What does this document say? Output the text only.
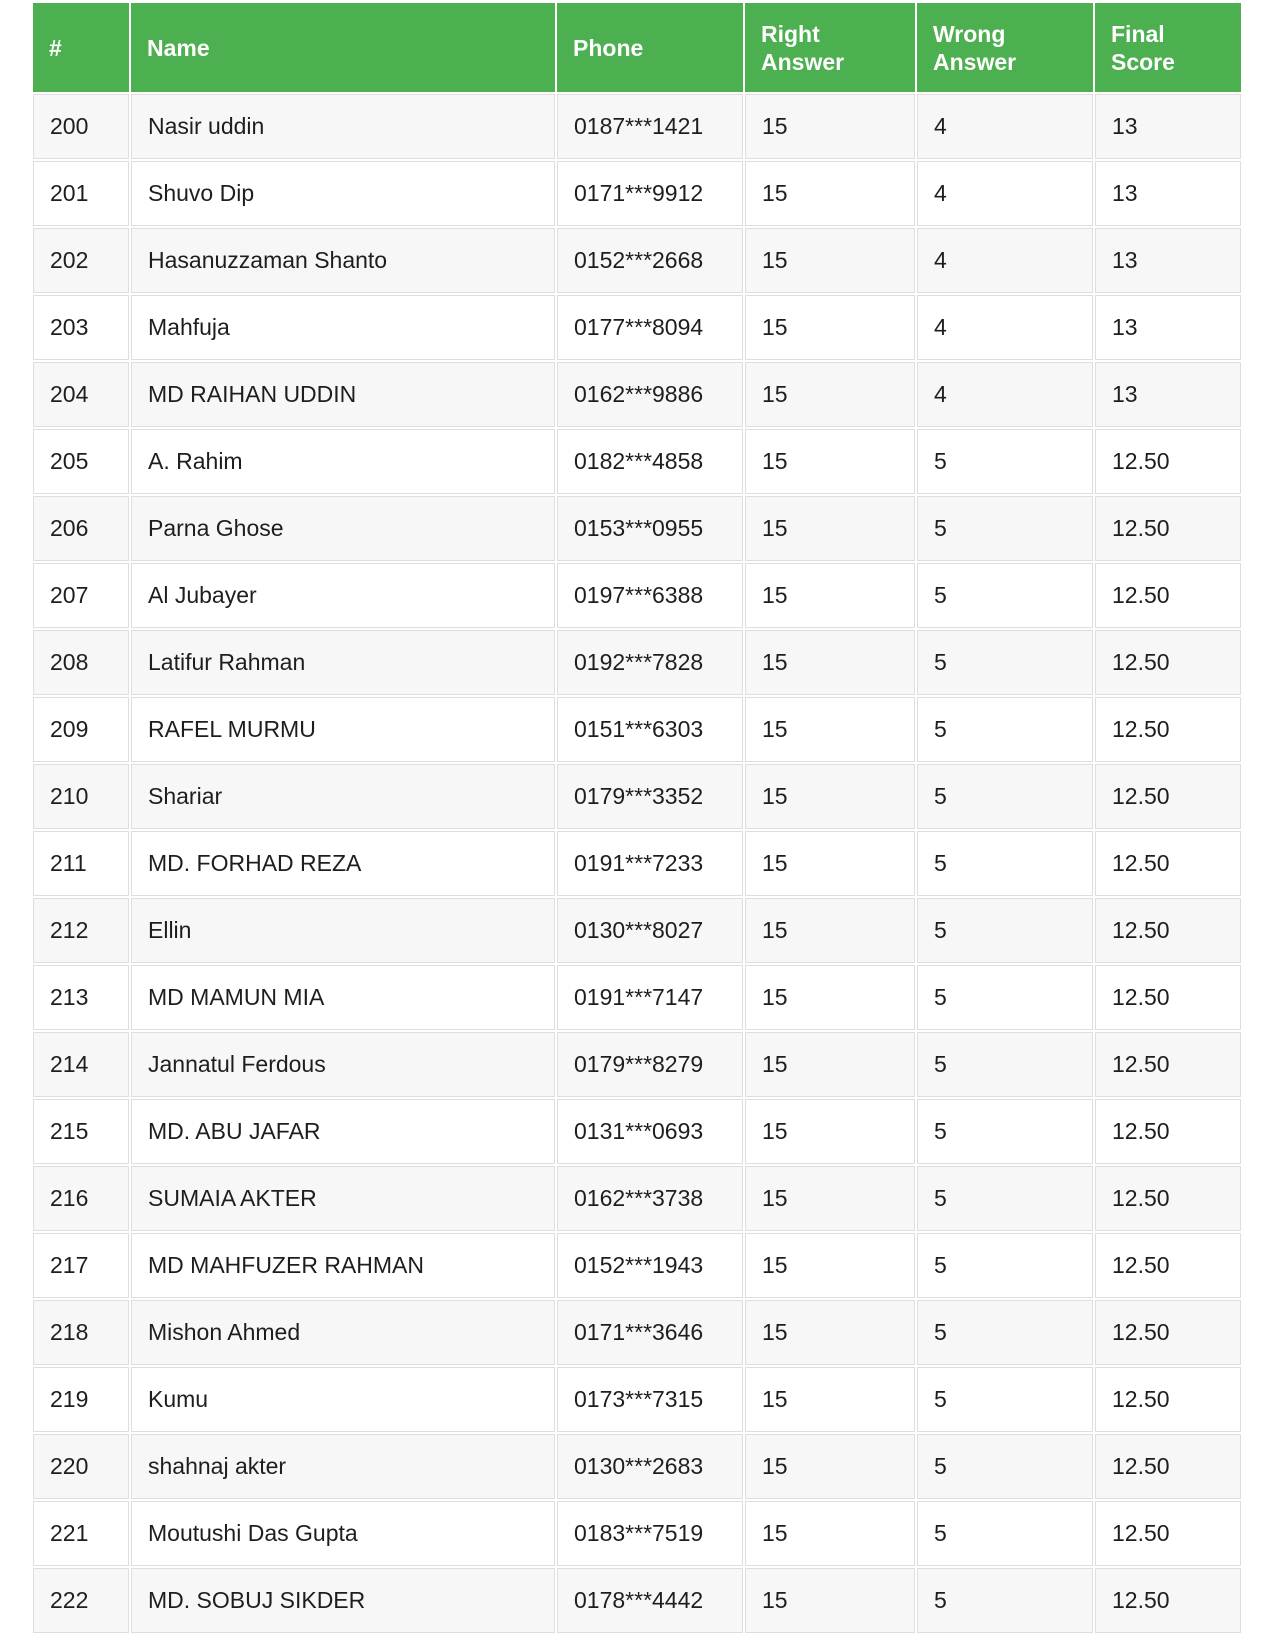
#	Name	Phone	Right Answer	Wrong Answer	Final Score
200	Nasir uddin	0187***1421	15	4	13
201	Shuvo Dip	0171***9912	15	4	13
202	Hasanuzzaman Shanto	0152***2668	15	4	13
203	Mahfuja	0177***8094	15	4	13
204	MD RAIHAN UDDIN	0162***9886	15	4	13
205	A. Rahim	0182***4858	15	5	12.50
206	Parna Ghose	0153***0955	15	5	12.50
207	Al Jubayer	0197***6388	15	5	12.50
208	Latifur Rahman	0192***7828	15	5	12.50
209	RAFEL MURMU	0151***6303	15	5	12.50
210	Shariar	0179***3352	15	5	12.50
211	MD. FORHAD REZA	0191***7233	15	5	12.50
212	Ellin	0130***8027	15	5	12.50
213	MD MAMUN MIA	0191***7147	15	5	12.50
214	Jannatul Ferdous	0179***8279	15	5	12.50
215	MD. ABU JAFAR	0131***0693	15	5	12.50
216	SUMAIA AKTER	0162***3738	15	5	12.50
217	MD MAHFUZER RAHMAN	0152***1943	15	5	12.50
218	Mishon Ahmed	0171***3646	15	5	12.50
219	Kumu	0173***7315	15	5	12.50
220	shahnaj akter	0130***2683	15	5	12.50
221	Moutushi Das Gupta	0183***7519	15	5	12.50
222	MD. SOBUJ SIKDER	0178***4442	15	5	12.50
